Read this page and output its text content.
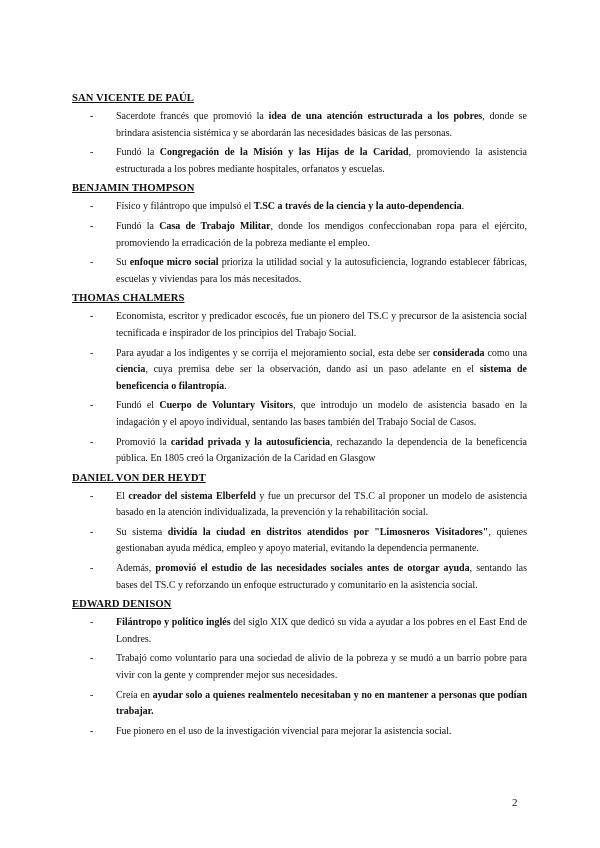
SAN VICENTE DE PAÚL
- Sacerdote francés que promovió la idea de una atención estructurada a los pobres, donde se brindara asistencia sistémica y se abordarán las necesidades básicas de las personas.
- Fundó la Congregación de la Misión y las Hijas de la Caridad, promoviendo la asistencia estructurada a los pobres mediante hospitales, orfanatos y escuelas.
BENJAMIN THOMPSON
- Físico y filántropo que impulsó el T.SC a través de la ciencia y la auto-dependencia.
- Fundó la Casa de Trabajo Militar, donde los mendigos confeccionaban ropa para el ejército, promoviendo la erradicación de la pobreza mediante el empleo.
- Su enfoque micro social prioriza la utilidad social y la autosuficiencia, logrando establecer fábricas, escuelas y viviendas para los más necesitados.
THOMAS CHALMERS
- Economista, escritor y predicador escocés, fue un pionero del TS.C y precursor de la asistencia social tecnificada e inspirador de los principios del Trabajo Social.
- Para ayudar a los indigentes y se corrija el mejoramiento social, esta debe ser considerada como una ciencia, cuya premisa debe ser la observación, dando así un paso adelante en el sistema de beneficencia o filantropía.
- Fundó el Cuerpo de Voluntary Visitors, que introdujo un modelo de asistencia basado en la indagación y el apoyo individual, sentando las bases también del Trabajo Social de Casos.
- Promovió la caridad privada y la autosuficiencia, rechazando la dependencia de la beneficencia pública. En 1805 creó la Organización de la Caridad en Glasgow
DANIEL VON DER HEYDT
- El creador del sistema Elberfeld y fue un precursor del TS.C al proponer un modelo de asistencia basado en la atención individualizada, la prevención y la rehabilitación social.
- Su sistema dividía la ciudad en distritos atendidos por "Limosneros Visitadores", quienes gestionaban ayuda médica, empleo y apoyo material, evitando la dependencia permanente.
- Además, promovió el estudio de las necesidades sociales antes de otorgar ayuda, sentando las bases del TS.C y reforzando un enfoque estructurado y comunitario en la asistencia social.
EDWARD DENISON
- Filántropo y político inglés del siglo XIX que dedicó su vida a ayudar a los pobres en el East End de Londres.
- Trabajó como voluntario para una sociedad de alivio de la pobreza y se mudó a un barrio pobre para vivir con la gente y comprender mejor sus necesidades.
- Creía en ayudar solo a quienes realmentelo necesitaban y no en mantener a personas que podían trabajar.
- Fue pionero en el uso de la investigación vivencial para mejorar la asistencia social.
2
